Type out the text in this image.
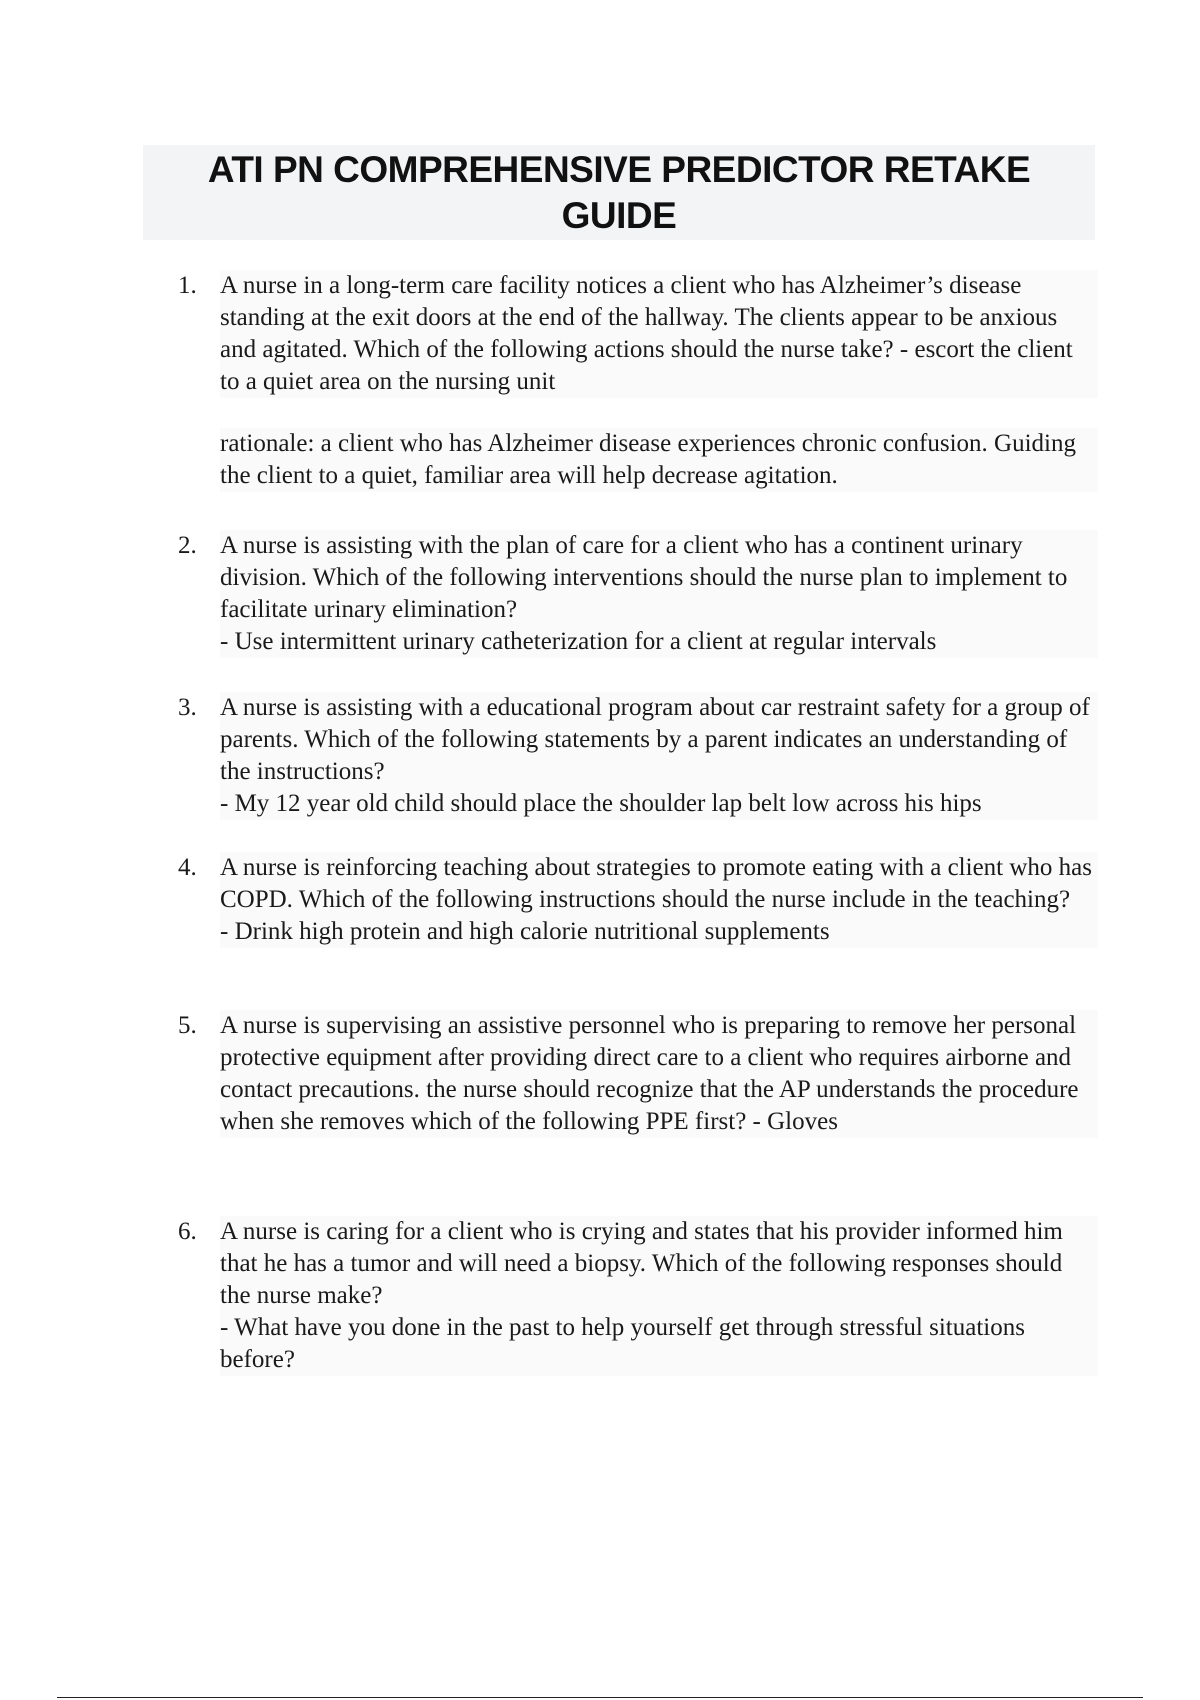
ATI PN COMPREHENSIVE PREDICTOR RETAKE
GUIDE
1. A nurse in a long-term care facility notices a client who has Alzheimer’s disease standing at the exit doors at the end of the hallway. The clients appear to be anxious and agitated. Which of the following actions should the nurse take? - escort the client to a quiet area on the nursing unit

rationale: a client who has Alzheimer disease experiences chronic confusion. Guiding the client to a quiet, familiar area will help decrease agitation.

2. A nurse is assisting with the plan of care for a client who has a continent urinary division. Which of the following interventions should the nurse plan to implement to facilitate urinary elimination?

- Use intermittent urinary catheterization for a client at regular intervals

3. A nurse is assisting with a educational program about car restraint safety for a group of parents. Which of the following statements by a parent indicates an understanding of the instructions?

- My 12 year old child should place the shoulder lap belt low across his hips

4. A nurse is reinforcing teaching about strategies to promote eating with a client who has COPD. Which of the following instructions should the nurse include in the teaching?

- Drink high protein and high calorie nutritional supplements

5. A nurse is supervising an assistive personnel who is preparing to remove her personal protective equipment after providing direct care to a client who requires airborne and contact precautions. the nurse should recognize that the AP understands the procedure when she removes which of the following PPE first? - Gloves

6. A nurse is caring for a client who is crying and states that his provider informed him that he has a tumor and will need a biopsy. Which of the following responses should the nurse make?

- What have you done in the past to help yourself get through stressful situations before?
